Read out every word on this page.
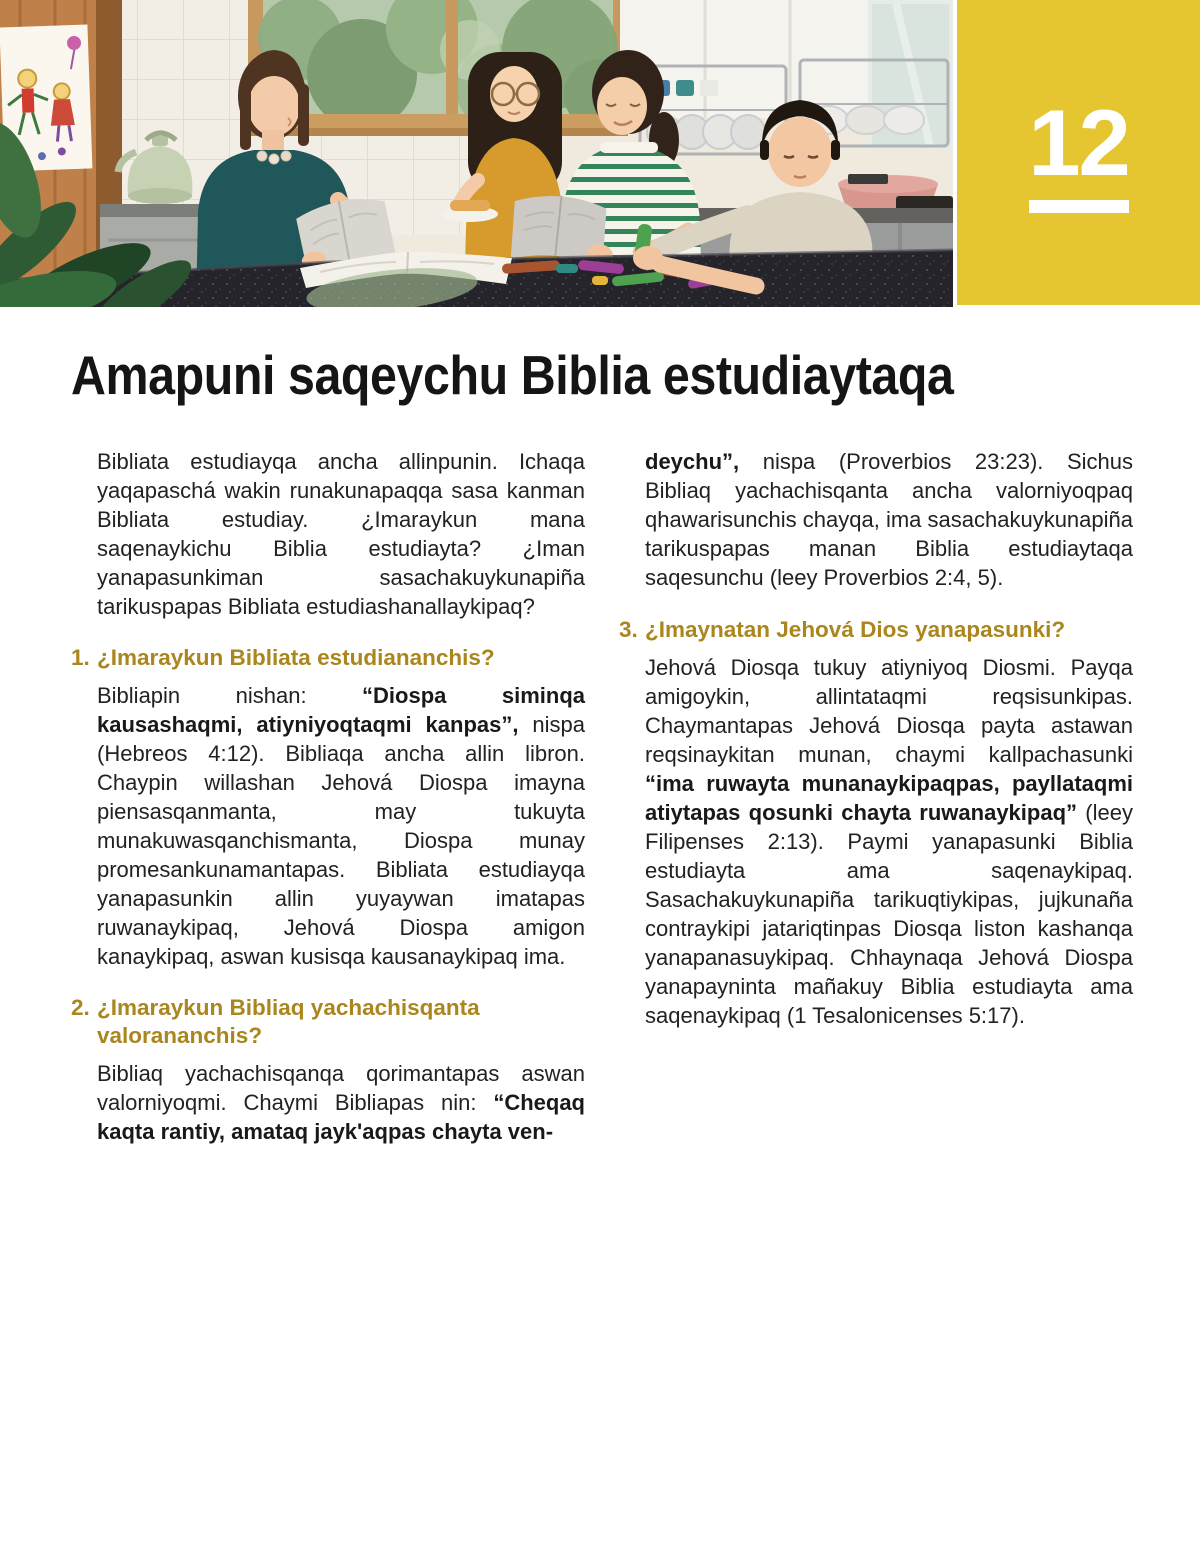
12
Amapuni saqeychu Biblia estudiaytaqa

Bibliata estudiayqa ancha allinpunin. Ichaqa yaqapaschá wakin runakunapaqqa sasa kanman Bibliata estudiay. ¿Imaraykun mana saqenaykichu Biblia estudiayta? ¿Iman yanapasunkiman sasachakuykunapiña tarikuspapas Bibliata estudiashanallaykipaq?

1. ¿Imaraykun Bibliata estudiananchis?

Bibliapin nishan: “Diospa siminqa kausashaqmi, atiyniyoqtaqmi kanpas”, nispa (Hebreos 4:12). Bibliaqa ancha allin libron. Chaypin willashan Jehová Diospa imayna piensasqanmanta, may tukuyta munakuwasqanchismanta, Diospa munay promesankunamantapas. Bibliata estudiayqa yanapasunkin allin yuyaywan imatapas ruwanaykipaq, Jehová Diospa amigon kanaykipaq, aswan kusisqa kausanaykipaq ima.

2. ¿Imaraykun Bibliaq yachachisqanta valorananchis?

Bibliaq yachachisqanqa qorimantapas aswan valorniyoqmi. Chaymi Bibliapas nin: “Cheqaq kaqta rantiy, amataq jayk'aqpas chayta ven-

deychu”, nispa (Proverbios 23:23). Sichus Bibliaq yachachisqanta ancha valorniyoqpaq qhawarisunchis chayqa, ima sasachakuykunapiña tarikuspapas manan Biblia estudiaytaqa saqesunchu (leey Proverbios 2:4, 5).

3. ¿Imaynatan Jehová Dios yanapasunki?

Jehová Diosqa tukuy atiyniyoq Diosmi. Payqa amigoykin, allintataqmi reqsisunkipas. Chaymantapas Jehová Diosqa payta astawan reqsinaykitan munan, chaymi kallpachasunki “ima ruwayta munanaykipaqpas, payllataqmi atiytapas qosunki chayta ruwanaykipaq” (leey Filipenses 2:13). Paymi yanapasunki Biblia estudiayta ama saqenaykipaq. Sasachakuykunapiña tarikuqtiykipas, jujkunaña contraykipi jatariqtinpas Diosqa liston kashanqa yanapanasuykipaq. Chhaynaqa Jehová Diospa yanapayninta mañakuy Biblia estudiayta ama saqenaykipaq (1 Tesalonicenses 5:17).
